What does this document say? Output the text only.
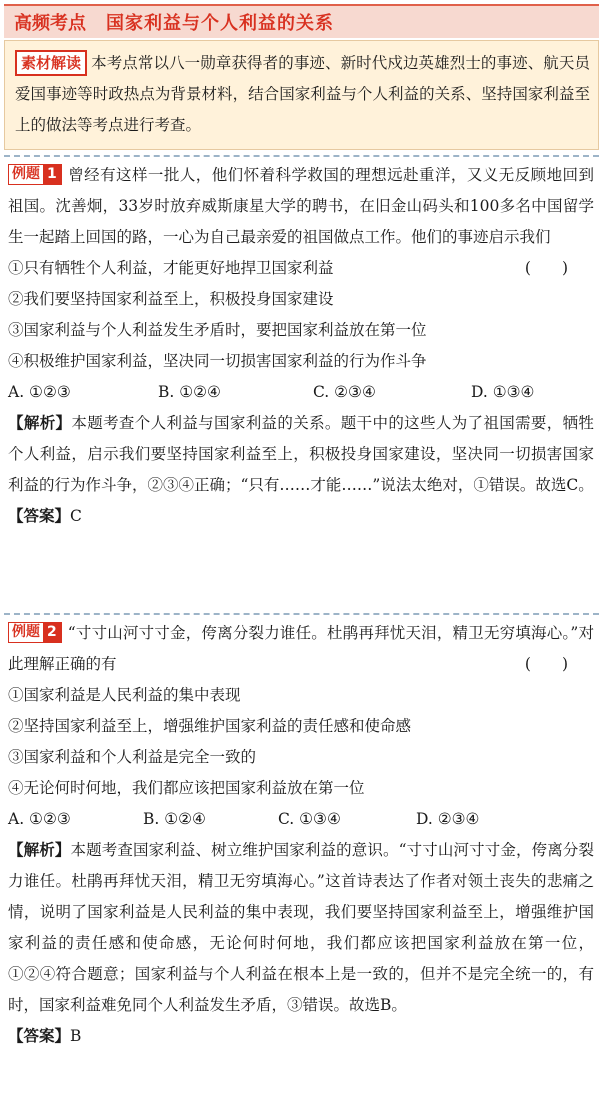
高频考点 国家利益与个人利益的关系
素材解读 本考点常以八一勋章获得者的事迹、新时代戍边英雄烈士的事迹、航天员爱国事迹等时政热点为背景材料，结合国家利益与个人利益的关系、坚持国家利益至上的做法等考点进行考查。
例题 1 曾经有这样一批人，他们怀着科学救国的理想远赴重洋，又义无反顾地回到祖国。沈善炯，33岁时放弃威斯康星大学的聘书，在旧金山码头和100多名中国留学生一起踏上回国的路，一心为自己最亲爱的祖国做点工作。他们的事迹启示我们
(　　)
①只有牺牲个人利益，才能更好地捍卫国家利益
②我们要坚持国家利益至上，积极投身国家建设
③国家利益与个人利益发生矛盾时，要把国家利益放在第一位
④积极维护国家利益，坚决同一切损害国家利益的行为作斗争
A. ①②③	B. ①②④	C. ②③④	D. ①③④
【解析】本题考查个人利益与国家利益的关系。题干中的这些人为了祖国需要，牺牲个人利益，启示我们要坚持国家利益至上，积极投身国家建设，坚决同一切损害国家利益的行为作斗争，②③④正确；“只有……才能……”说法太绝对，①错误。故选C。
【答案】C
例题 2 “寸寸山河寸寸金，侉离分裂力谁任。杜鹃再拜忧天泪，精卫无穷填海心。”对此理解正确的有	(　　)
①国家利益是人民利益的集中表现
②坚持国家利益至上，增强维护国家利益的责任感和使命感
③国家利益和个人利益是完全一致的
④无论何时何地，我们都应该把国家利益放在第一位
A. ①②③	B. ①②④	C. ①③④	D. ②③④
【解析】本题考查国家利益、树立维护国家利益的意识。“寸寸山河寸寸金，侉离分裂力谁任。杜鹃再拜忧天泪，精卫无穷填海心。”这首诗表达了作者对领土丧失的悲痛之情，说明了国家利益是人民利益的集中表现，我们要坚持国家利益至上，增强维护国家利益的责任感和使命感，无论何时何地，我们都应该把国家利益放在第一位，①②④符合题意；国家利益与个人利益在根本上是一致的，但并不是完全统一的，有时，国家利益难免同个人利益发生矛盾，③错误。故选B。
【答案】B
